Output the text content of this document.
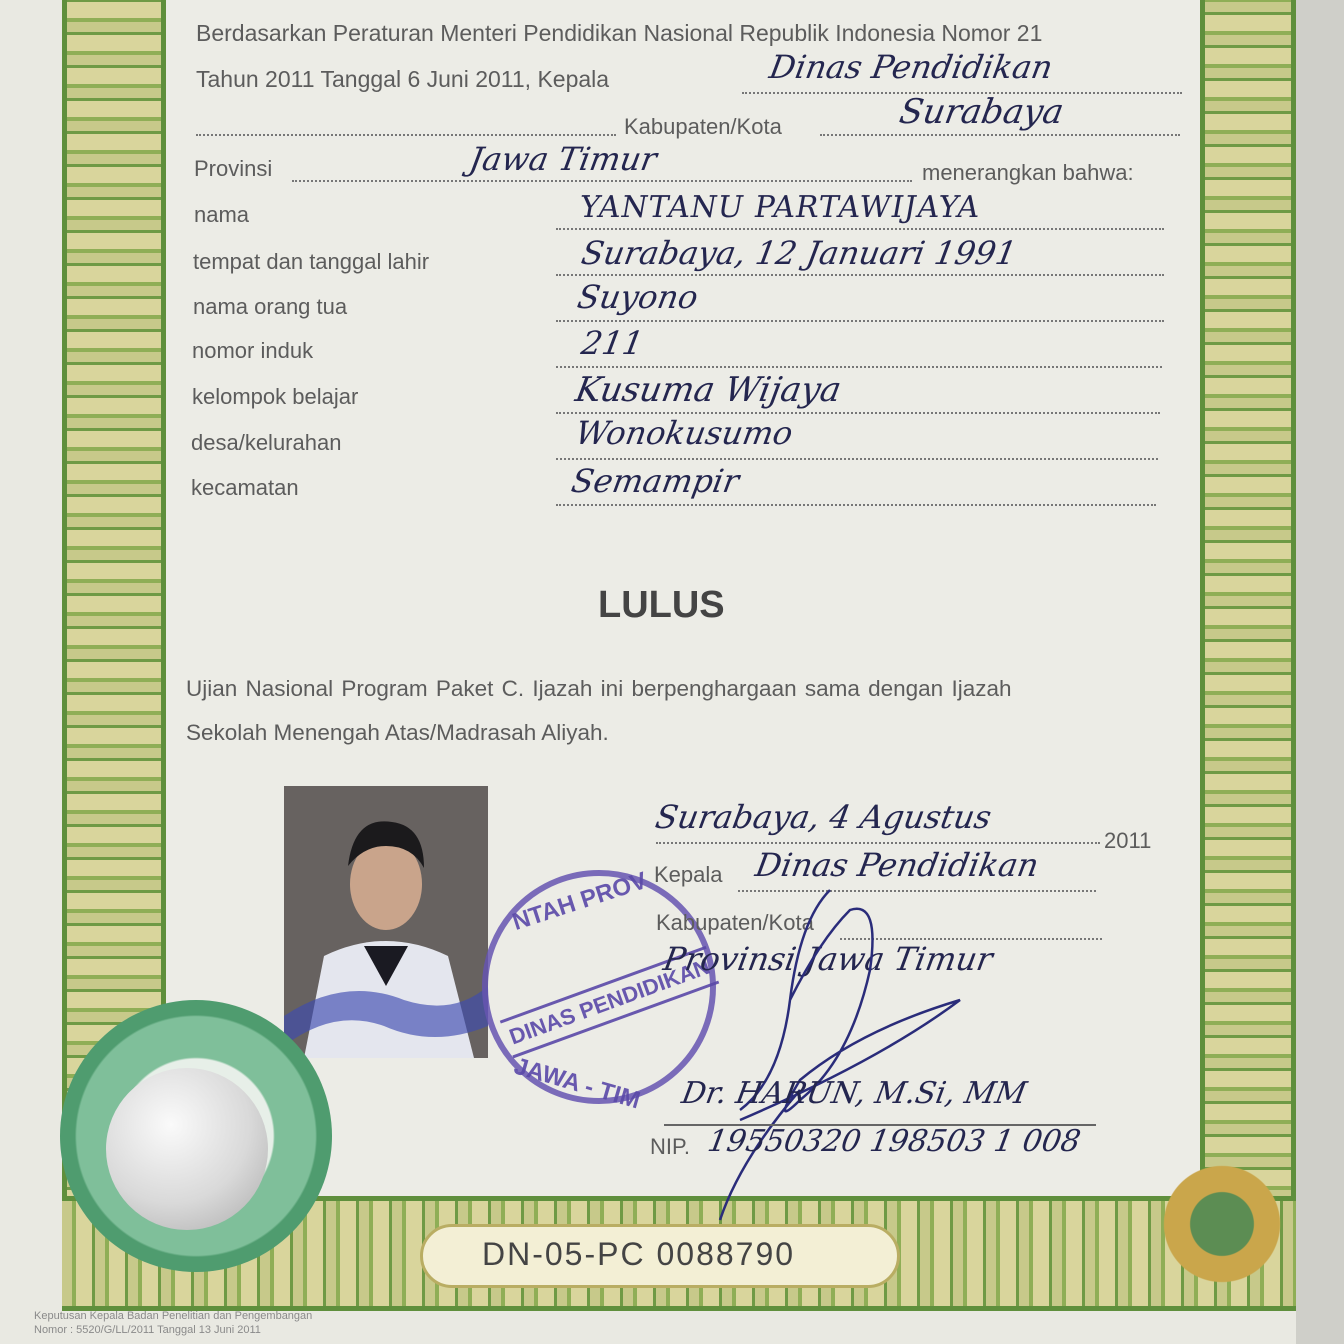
Berdasarkan Peraturan Menteri Pendidikan Nasional Republik Indonesia Nomor 21
Tahun 2011 Tanggal 6 Juni 2011, Kepala	Dinas Pendidikan
Kabupaten/Kota	Surabaya
Provinsi	Jawa Timur	menerangkan bahwa:
nama	YANTANU PARTAWIJAYA
tempat dan tanggal lahir	Surabaya, 12 Januari 1991
nama orang tua	Suyono
nomor induk	211
kelompok belajar	Kusuma Wijaya
desa/kelurahan	Wonokusumo
kecamatan	Semampir
LULUS
Ujian Nasional Program Paket C. Ijazah ini berpenghargaan sama dengan Ijazah
Sekolah Menengah Atas/Madrasah Aliyah.
NTAH PROV
DINAS PENDIDIKAN
JAWA - TIM
Surabaya, 4 Agustus
2011
Kepala Dinas Pendidikan
Kabupaten/Kota
Provinsi Jawa Timur
Dr. HARUN, M.Si, MM
NIP. 19550320 198503 1 008
DN-05-PC 0088790
Keputusan Kepala Badan Penelitian dan Pengembangan
Nomor : 5520/G/LL/2011 Tanggal 13 Juni 2011
